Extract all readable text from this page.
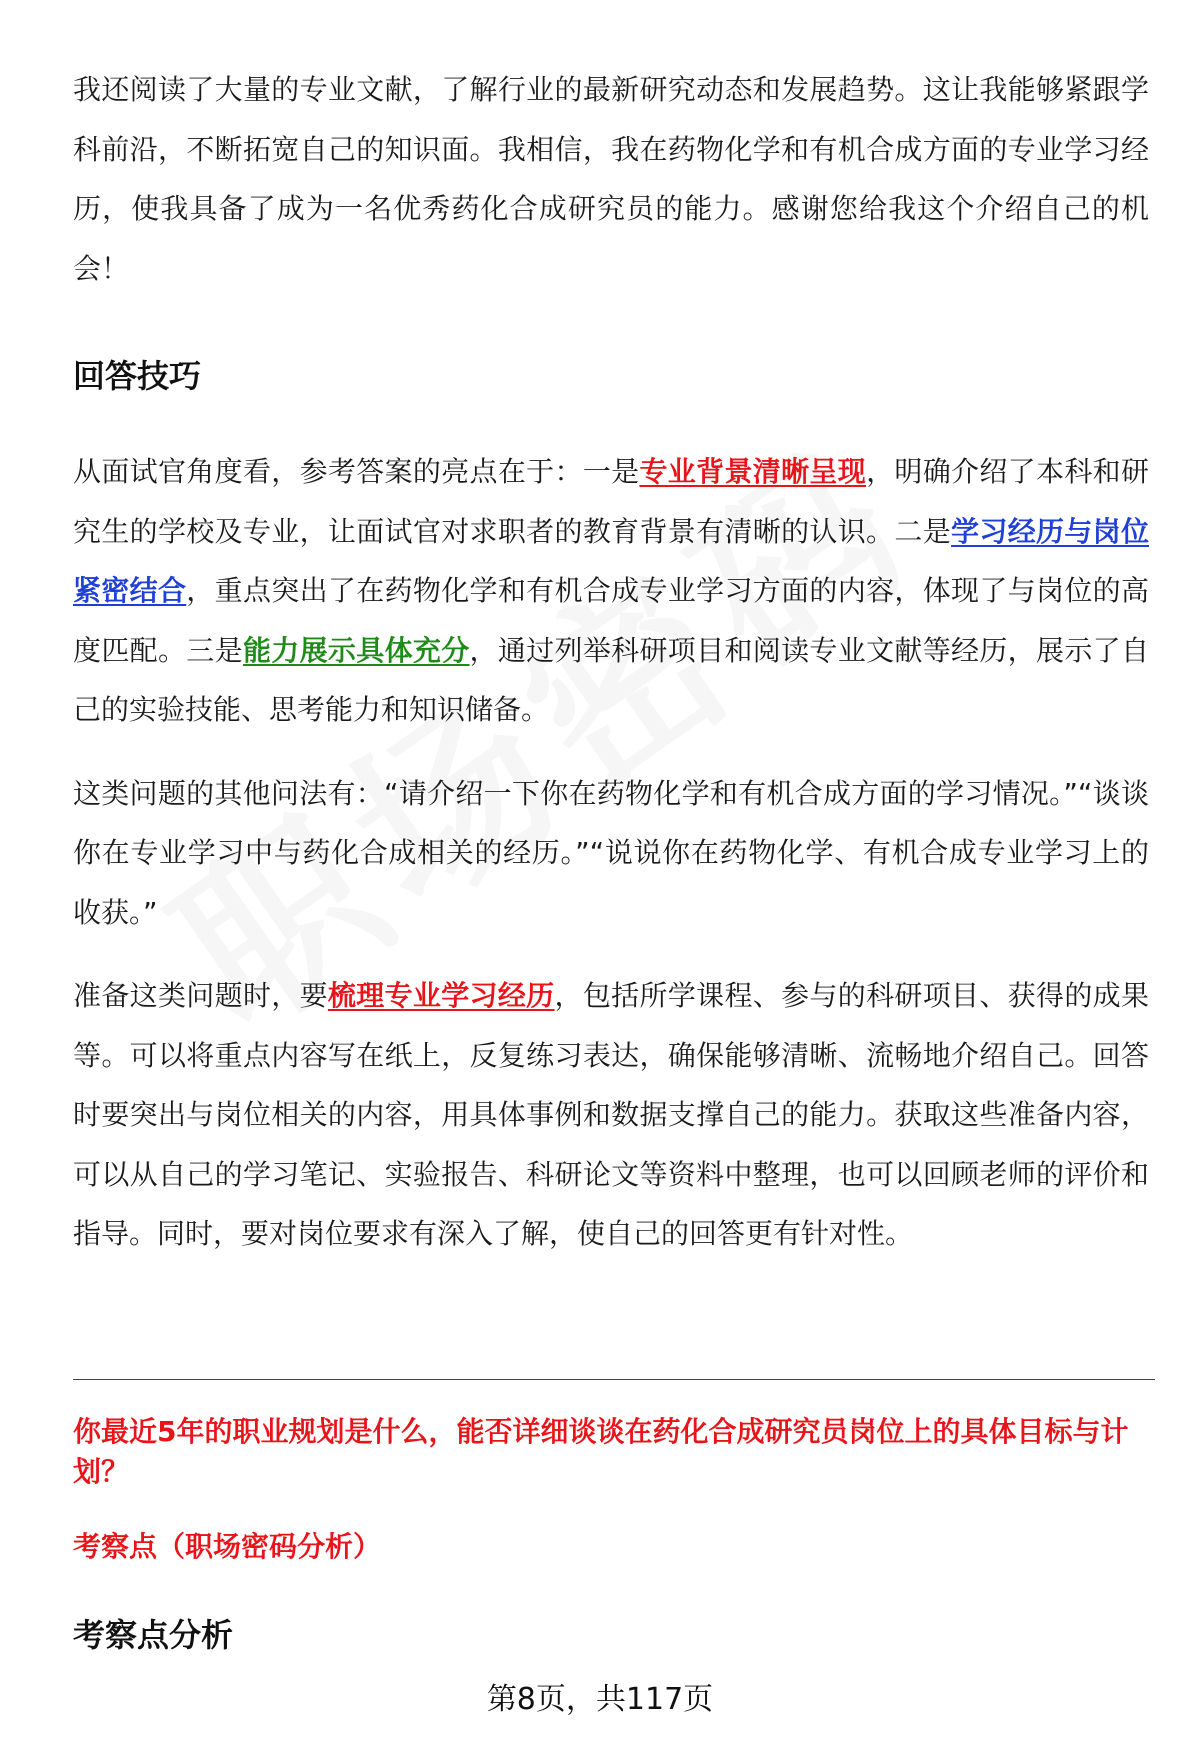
我还阅读了大量的专业文献，了解行业的最新研究动态和发展趋势。这让我能够紧跟学科前沿，不断拓宽自己的知识面。我相信，我在药物化学和有机合成方面的专业学习经历，使我具备了成为一名优秀药化合成研究员的能力。感谢您给我这个介绍自己的机会！

回答技巧

从面试官角度看，参考答案的亮点在于：一是专业背景清晰呈现，明确介绍了本科和研究生的学校及专业，让面试官对求职者的教育背景有清晰的认识。二是学习经历与岗位紧密结合，重点突出了在药物化学和有机合成专业学习方面的内容，体现了与岗位的高度匹配。三是能力展示具体充分，通过列举科研项目和阅读专业文献等经历，展示了自己的实验技能、思考能力和知识储备。

这类问题的其他问法有：“请介绍一下你在药物化学和有机合成方面的学习情况。”“谈谈你在专业学习中与药化合成相关的经历。”“说说你在药物化学、有机合成专业学习上的收获。”

准备这类问题时，要梳理专业学习经历，包括所学课程、参与的科研项目、获得的成果等。可以将重点内容写在纸上，反复练习表达，确保能够清晰、流畅地介绍自己。回答时要突出与岗位相关的内容，用具体事例和数据支撑自己的能力。获取这些准备内容，可以从自己的学习笔记、实验报告、科研论文等资料中整理，也可以回顾老师的评价和指导。同时，要对岗位要求有深入了解，使自己的回答更有针对性。

你最近5年的职业规划是什么，能否详细谈谈在药化合成研究员岗位上的具体目标与计划？
考察点（职场密码分析）
考察点分析
第8页，共117页
